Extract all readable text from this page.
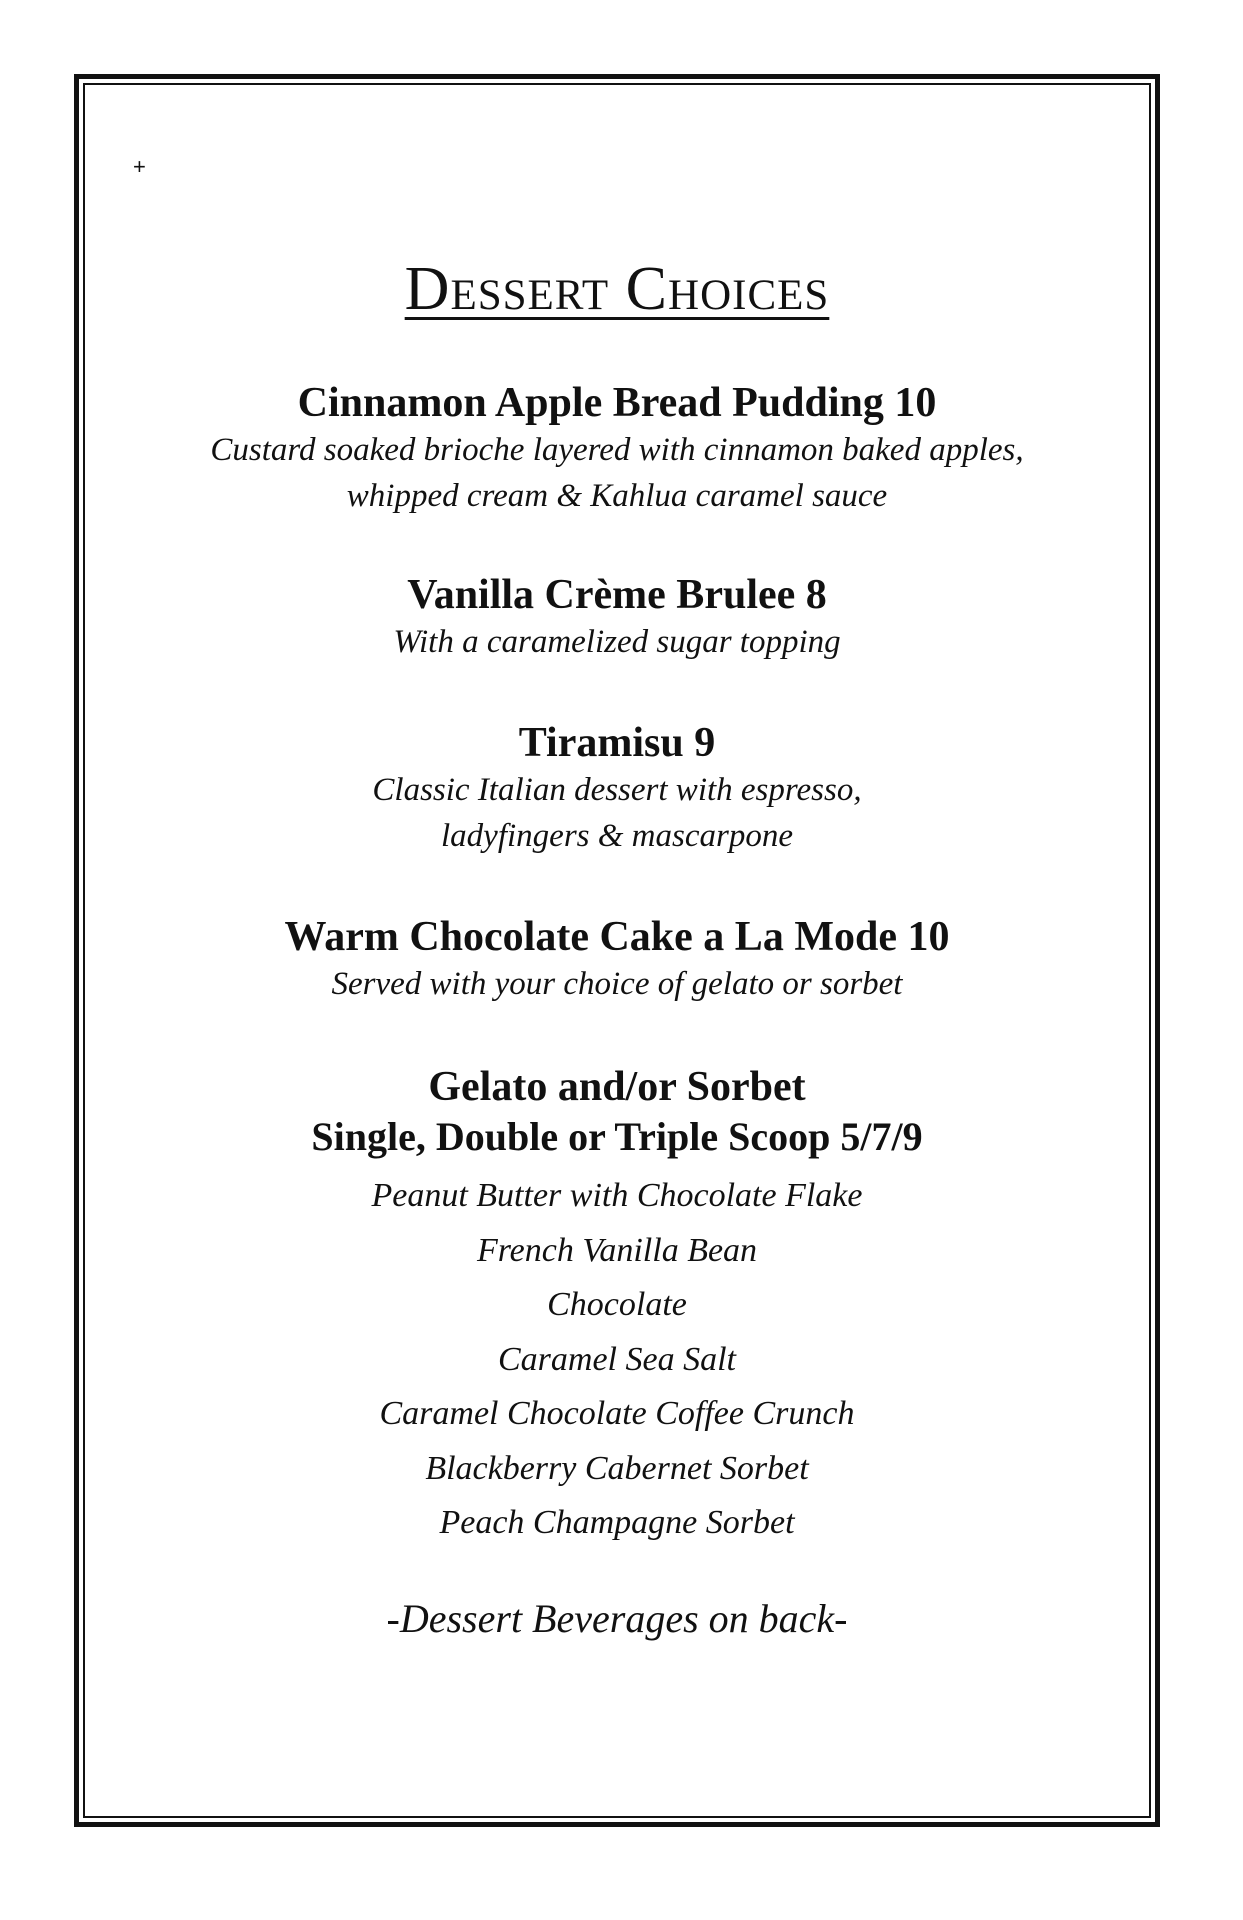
+
Dessert Choices
Cinnamon Apple Bread Pudding 10
Custard soaked brioche layered with cinnamon baked apples,
whipped cream & Kahlua caramel sauce
Vanilla Crème Brulee 8
With a caramelized sugar topping
Tiramisu 9
Classic Italian dessert with espresso,
ladyfingers & mascarpone
Warm Chocolate Cake a La Mode 10
Served with your choice of gelato or sorbet
Gelato and/or Sorbet
Single, Double or Triple Scoop 5/7/9
Peanut Butter with Chocolate Flake
French Vanilla Bean
Chocolate
Caramel Sea Salt
Caramel Chocolate Coffee Crunch
Blackberry Cabernet Sorbet
Peach Champagne Sorbet
-Dessert Beverages on back-
